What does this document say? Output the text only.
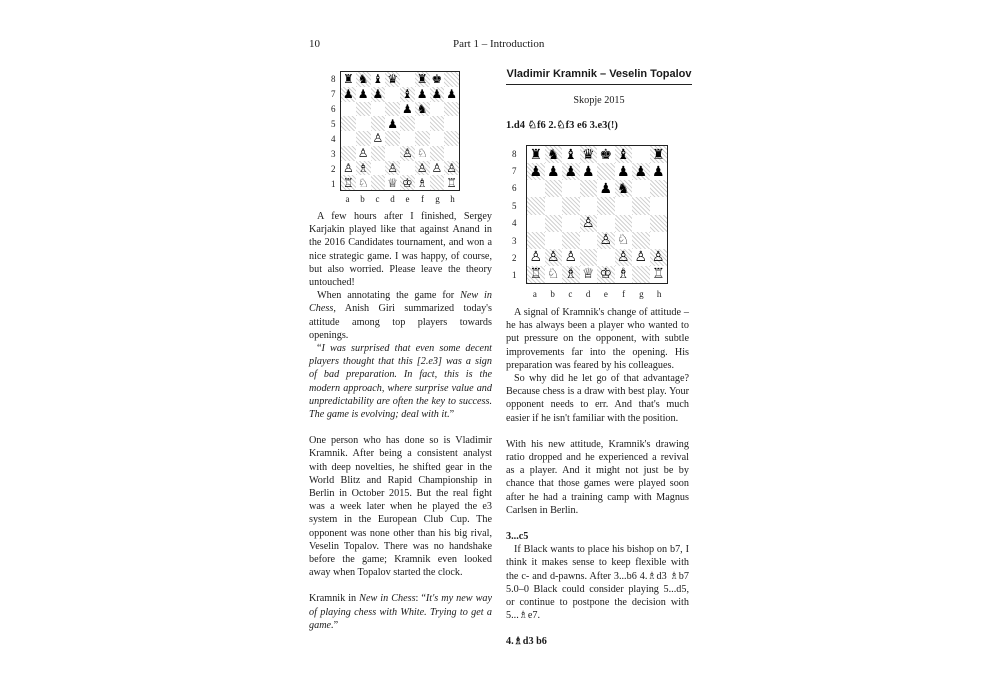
10	Part 1 – Introduction
8
7
6
5
4
3
2
1
♜ ♞ ♝ ♛ ♜ ♚
♟ ♟ ♟ ♝ ♟ ♟ ♟
♟ ♞
♟
♙
♙	♙ ♘
♙ ♗ ♙ ♙ ♙ ♙
♖ ♘ ♕ ♔ ♗ ♖
a	b	c	d	e	f	g	h

A few hours after I finished, Sergey Karjakin played like that against Anand in the 2016 Candidates tournament, and won a nice strategic game. I was happy, of course, but also worried. Please leave the theory untouched!

When annotating the game for New in Chess, Anish Giri summarized today's attitude among top players towards openings.

“I was surprised that even some decent players thought that this [2.e3] was a sign of bad preparation. In fact, this is the modern approach, where surprise value and unpredictability are often the key to success. The game is evolving; deal with it.”

One person who has done so is Vladimir Kramnik. After being a consistent analyst with deep novelties, he shifted gear in the World Blitz and Rapid Championship in Berlin in October 2015. But the real fight was a week later when he played the e3 system in the European Club Cup. The opponent was none other than his big rival, Veselin Topalov. There was no handshake before the game; Kramnik even looked away when Topalov started the clock.

Kramnik in New in Chess: “It's my new way of playing chess with White. Trying to get a game.”

Vladimir Kramnik – Veselin Topalov
Skopje 2015
1.d4 ♘f6 2.♘f3 e6 3.e3(!)
8
7
6
5
4
3
2
1
♜ ♞ ♝ ♛ ♚ ♝ ♜
♟ ♟ ♟ ♟ ♟ ♟ ♟
♟ ♞
♙
♙ ♘
♙ ♙ ♙	♙ ♙ ♙
♖ ♘ ♗ ♕ ♔ ♗ ♖
a	b	c	d	e	f	g	h

A signal of Kramnik's change of attitude – he has always been a player who wanted to put pressure on the opponent, with subtle improvements far into the opening. His preparation was feared by his colleagues.

So why did he let go of that advantage? Because chess is a draw with best play. Your opponent needs to err. And that's much easier if he isn't familiar with the position.

With his new attitude, Kramnik's drawing ratio dropped and he experienced a revival as a player. And it might not just be by chance that those games were played soon after he had a training camp with Magnus Carlsen in Berlin.

3...c5

If Black wants to place his bishop on b7, I think it makes sense to keep flexible with the c- and d-pawns. After 3...b6 4.♗d3 ♗b7 5.0–0 Black could consider playing 5...d5, or continue to postpone the decision with 5...♗e7.

4.♗d3 b6
